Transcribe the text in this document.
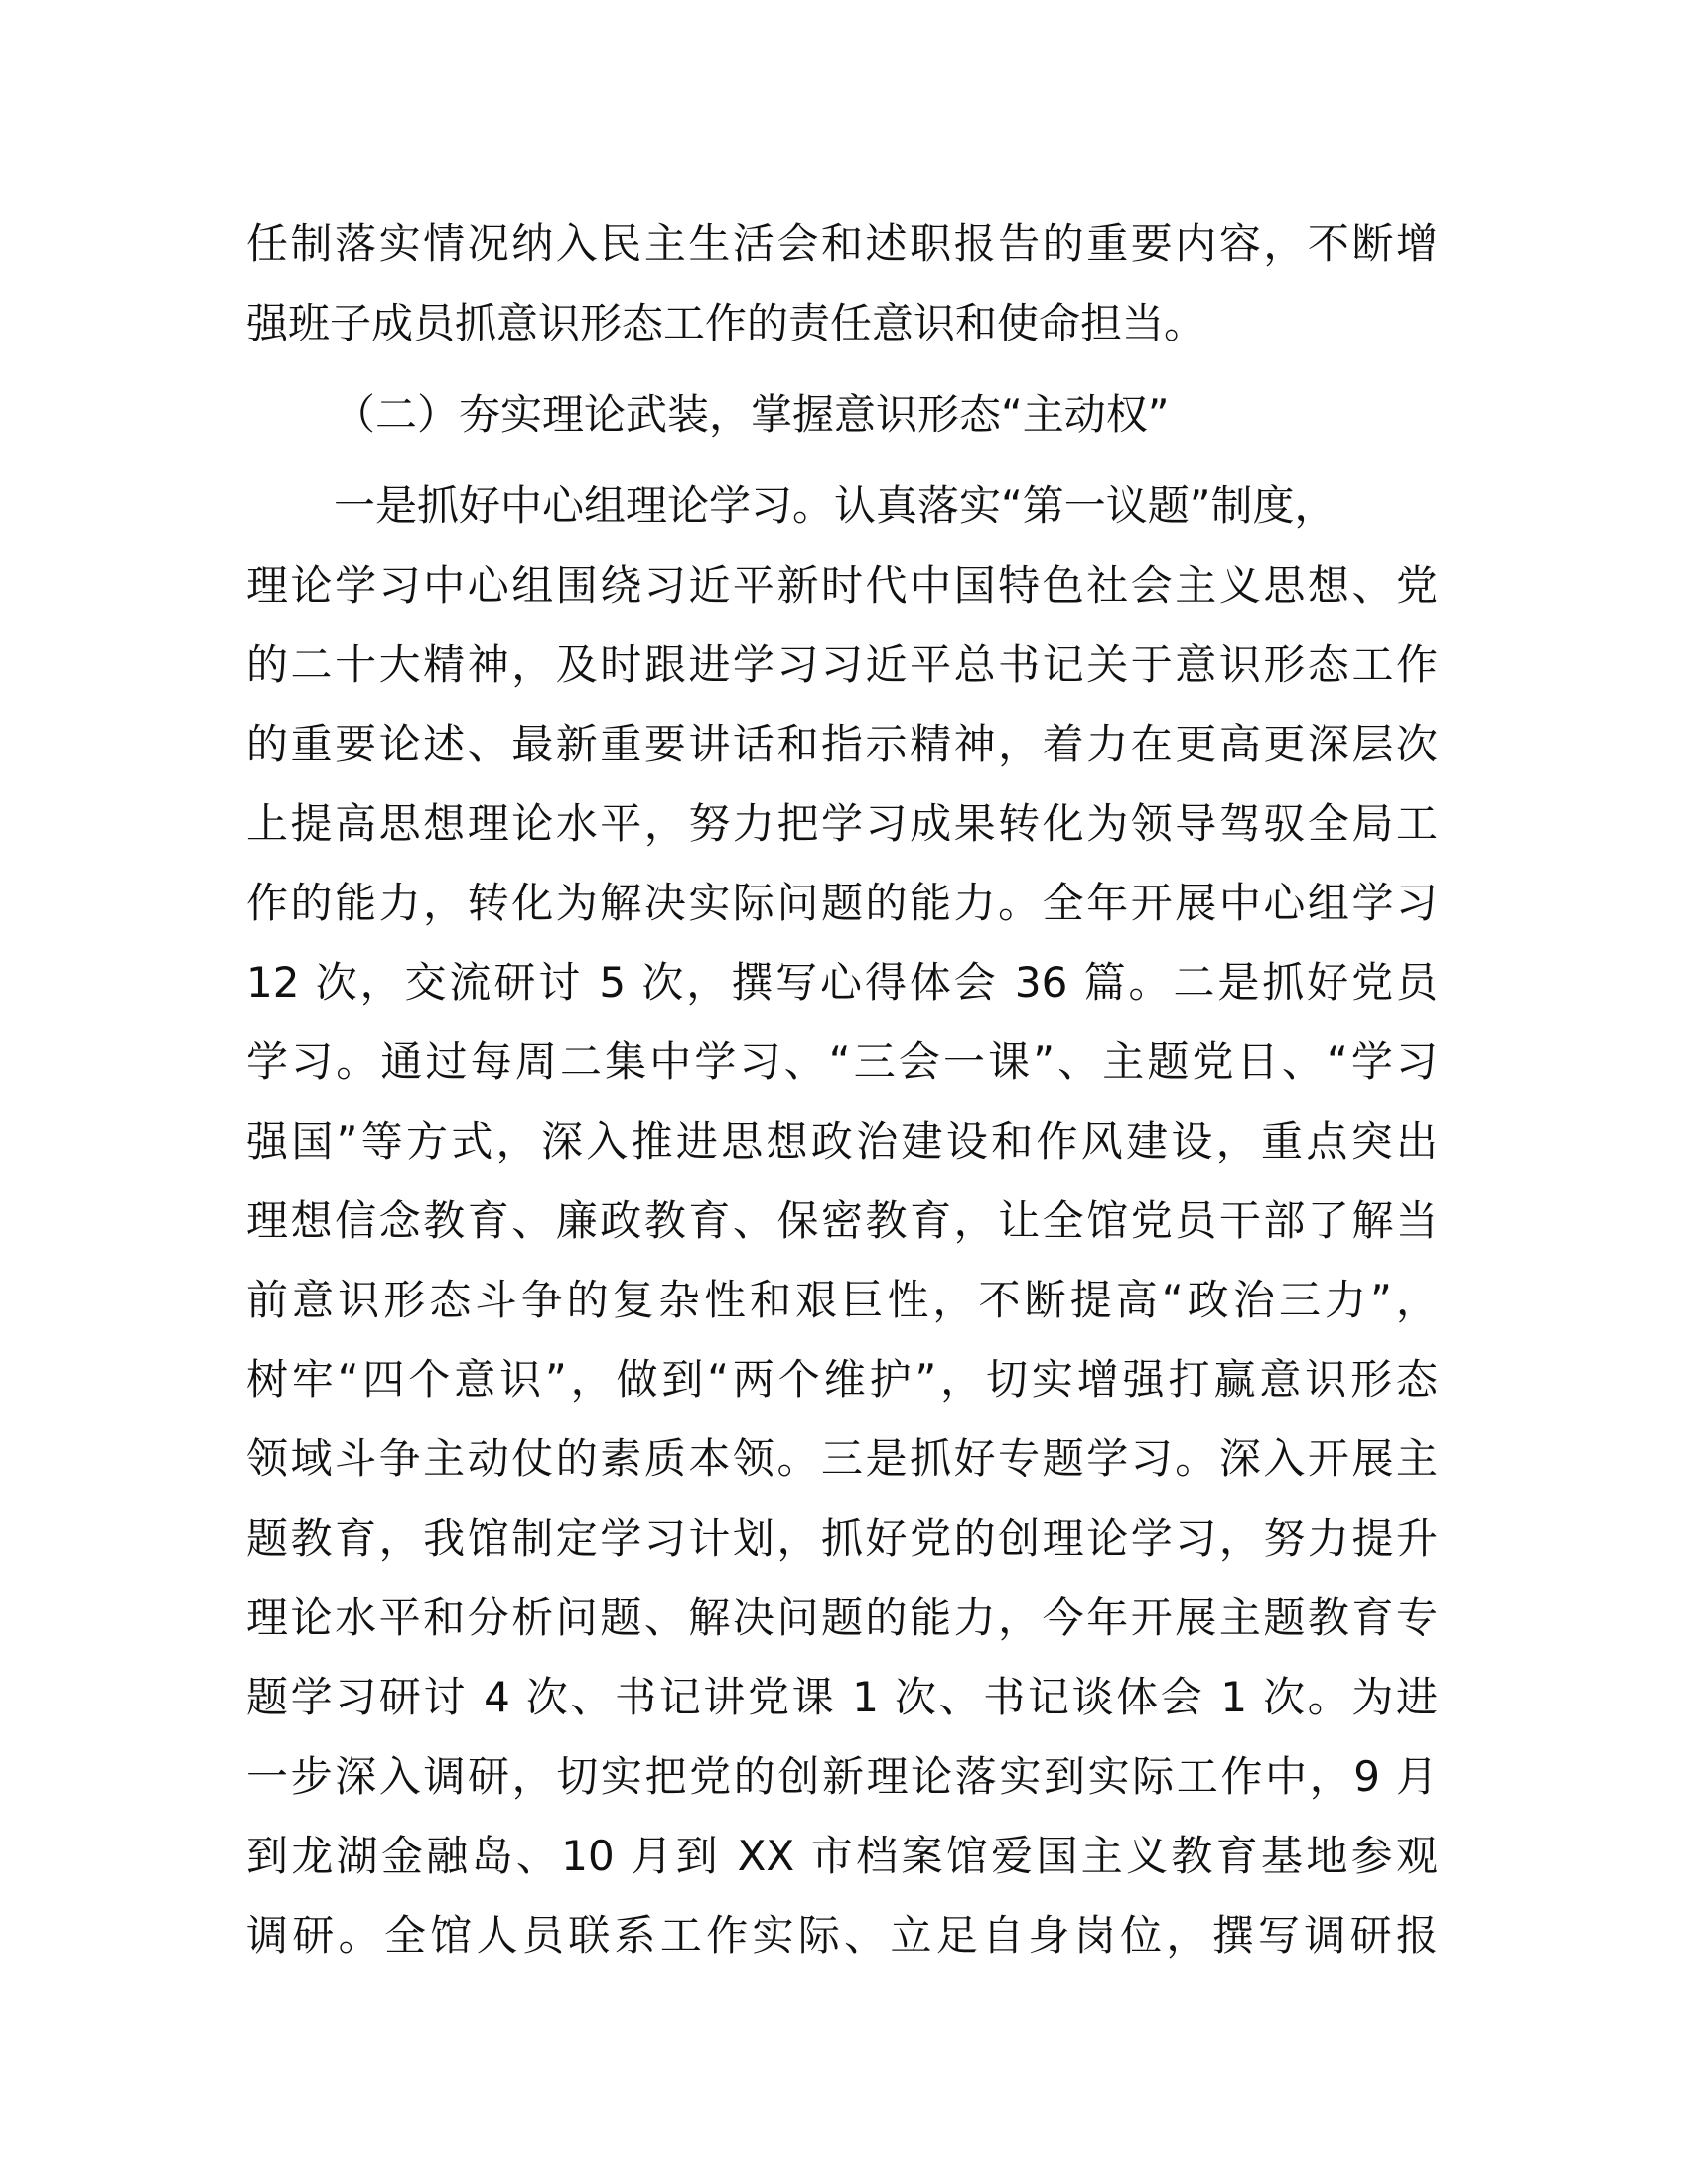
任制落实情况纳入民主生活会和述职报告的重要内容，不断增
强班子成员抓意识形态工作的责任意识和使命担当。
（二）夯实理论武装，掌握意识形态“主动权”
一是抓好中心组理论学习。认真落实“第一议题”制度，
理论学习中心组围绕习近平新时代中国特色社会主义思想、党
的二十大精神，及时跟进学习习近平总书记关于意识形态工作
的重要论述、最新重要讲话和指示精神，着力在更高更深层次
上提高思想理论水平，努力把学习成果转化为领导驾驭全局工
作的能力，转化为解决实际问题的能力。全年开展中心组学习
12 次，交流研讨 5 次，撰写心得体会 36 篇。二是抓好党员
学习。通过每周二集中学习、“三会一课”、主题党日、“学习
强国”等方式，深入推进思想政治建设和作风建设，重点突出
理想信念教育、廉政教育、保密教育，让全馆党员干部了解当
前意识形态斗争的复杂性和艰巨性，不断提高“政治三力”，
树牢“四个意识”，做到“两个维护”，切实增强打赢意识形态
领域斗争主动仗的素质本领。三是抓好专题学习。深入开展主
题教育，我馆制定学习计划，抓好党的创理论学习，努力提升
理论水平和分析问题、解决问题的能力，今年开展主题教育专
题学习研讨 4 次、书记讲党课 1 次、书记谈体会 1 次。为进
一步深入调研，切实把党的创新理论落实到实际工作中，9 月
到龙湖金融岛、10 月到 XX 市档案馆爱国主义教育基地参观
调研。全馆人员联系工作实际、立足自身岗位，撰写调研报
